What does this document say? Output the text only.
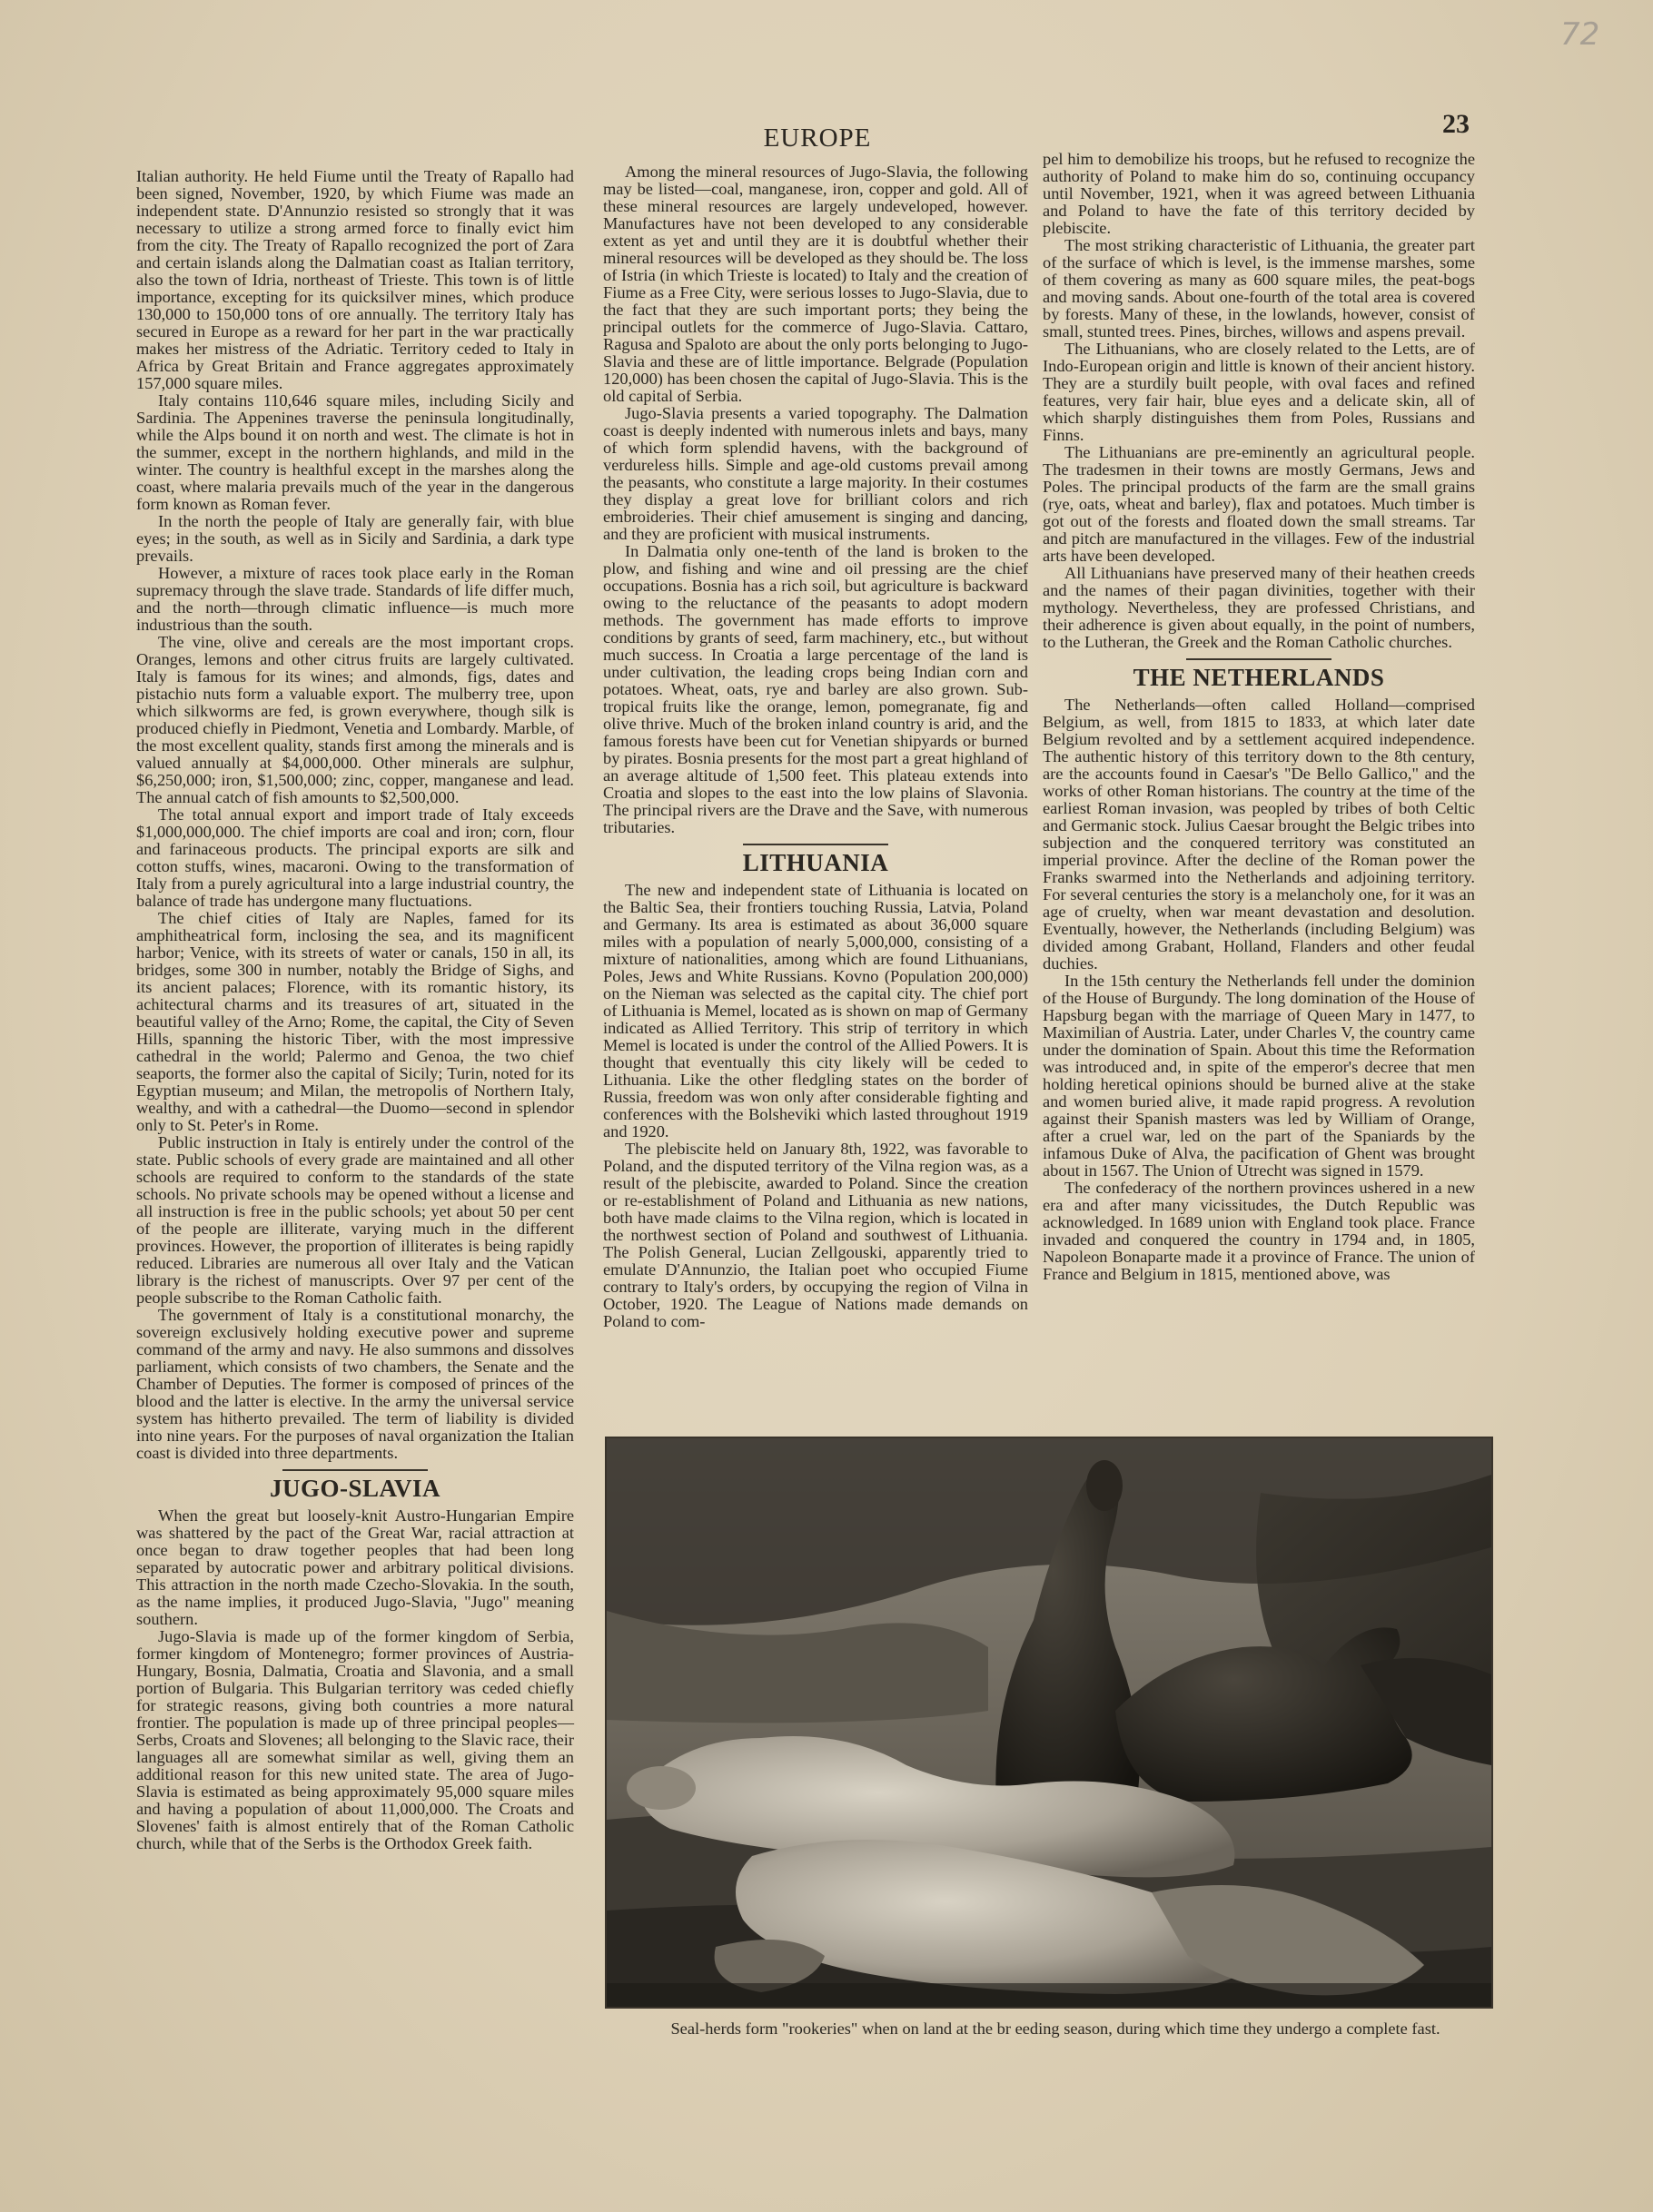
72
EUROPE	23

Italian authority. He held Fiume until the Treaty of Rapallo had been signed, November, 1920, by which Fiume was made an independent state. D'Annunzio resisted so strongly that it was necessary to utilize a strong armed force to finally evict him from the city. The Treaty of Rapallo recognized the port of Zara and certain islands along the Dalmatian coast as Italian territory, also the town of Idria, northeast of Trieste. This town is of little importance, excepting for its quicksilver mines, which produce 130,000 to 150,000 tons of ore annually. The territory Italy has secured in Europe as a reward for her part in the war practically makes her mistress of the Adriatic. Territory ceded to Italy in Africa by Great Britain and France aggregates approximately 157,000 square miles.

Italy contains 110,646 square miles, including Sicily and Sardinia. The Appenines traverse the peninsula longitudinally, while the Alps bound it on north and west. The climate is hot in the summer, except in the northern highlands, and mild in the winter. The country is healthful except in the marshes along the coast, where malaria prevails much of the year in the dangerous form known as Roman fever.

In the north the people of Italy are generally fair, with blue eyes; in the south, as well as in Sicily and Sardinia, a dark type prevails.

However, a mixture of races took place early in the Roman supremacy through the slave trade. Standards of life differ much, and the north—through climatic influence—is much more industrious than the south.

The vine, olive and cereals are the most important crops. Oranges, lemons and other citrus fruits are largely cultivated. Italy is famous for its wines; and almonds, figs, dates and pistachio nuts form a valuable export. The mulberry tree, upon which silkworms are fed, is grown everywhere, though silk is produced chiefly in Piedmont, Venetia and Lombardy. Marble, of the most excellent quality, stands first among the minerals and is valued annually at $4,000,000. Other minerals are sulphur, $6,250,000; iron, $1,500,000; zinc, copper, manganese and lead. The annual catch of fish amounts to $2,500,000.

The total annual export and import trade of Italy exceeds $1,000,000,000. The chief imports are coal and iron; corn, flour and farinaceous products. The principal exports are silk and cotton stuffs, wines, macaroni. Owing to the transformation of Italy from a purely agricultural into a large industrial country, the balance of trade has undergone many fluctuations.

The chief cities of Italy are Naples, famed for its amphitheatrical form, inclosing the sea, and its magnificent harbor; Venice, with its streets of water or canals, 150 in all, its bridges, some 300 in number, notably the Bridge of Sighs, and its ancient palaces; Florence, with its romantic history, its achitectural charms and its treasures of art, situated in the beautiful valley of the Arno; Rome, the capital, the City of Seven Hills, spanning the historic Tiber, with the most impressive cathedral in the world; Palermo and Genoa, the two chief seaports, the former also the capital of Sicily; Turin, noted for its Egyptian museum; and Milan, the metropolis of Northern Italy, wealthy, and with a cathedral—the Duomo—second in splendor only to St. Peter's in Rome.

Public instruction in Italy is entirely under the control of the state. Public schools of every grade are maintained and all other schools are required to conform to the standards of the state schools. No private schools may be opened without a license and all instruction is free in the public schools; yet about 50 per cent of the people are illiterate, varying much in the different provinces. However, the proportion of illiterates is being rapidly reduced. Libraries are numerous all over Italy and the Vatican library is the richest of manuscripts. Over 97 per cent of the people subscribe to the Roman Catholic faith.

The government of Italy is a constitutional monarchy, the sovereign exclusively holding executive power and supreme command of the army and navy. He also summons and dissolves parliament, which consists of two chambers, the Senate and the Chamber of Deputies. The former is composed of princes of the blood and the latter is elective. In the army the universal service system has hitherto prevailed. The term of liability is divided into nine years. For the purposes of naval organization the Italian coast is divided into three departments.

JUGO-SLAVIA

When the great but loosely-knit Austro-Hungarian Empire was shattered by the pact of the Great War, racial attraction at once began to draw together peoples that had been long separated by autocratic power and arbitrary political divisions. This attraction in the north made Czecho-Slovakia. In the south, as the name implies, it produced Jugo-Slavia, "Jugo" meaning southern.

Jugo-Slavia is made up of the former kingdom of Serbia, former kingdom of Montenegro; former provinces of Austria-Hungary, Bosnia, Dalmatia, Croatia and Slavonia, and a small portion of Bulgaria. This Bulgarian territory was ceded chiefly for strategic reasons, giving both countries a more natural frontier. The population is made up of three principal peoples—Serbs, Croats and Slovenes; all belonging to the Slavic race, their languages all are somewhat similar as well, giving them an additional reason for this new united state. The area of Jugo-Slavia is estimated as being approximately 95,000 square miles and having a population of about 11,000,000. The Croats and Slovenes' faith is almost entirely that of the Roman Catholic church, while that of the Serbs is the Orthodox Greek faith.

Among the mineral resources of Jugo-Slavia, the following may be listed—coal, manganese, iron, copper and gold. All of these mineral resources are largely undeveloped, however. Manufactures have not been developed to any considerable extent as yet and until they are it is doubtful whether their mineral resources will be developed as they should be. The loss of Istria (in which Trieste is located) to Italy and the creation of Fiume as a Free City, were serious losses to Jugo-Slavia, due to the fact that they are such important ports; they being the principal outlets for the commerce of Jugo-Slavia. Cattaro, Ragusa and Spaloto are about the only ports belonging to Jugo-Slavia and these are of little importance. Belgrade (Population 120,000) has been chosen the capital of Jugo-Slavia. This is the old capital of Serbia.

Jugo-Slavia presents a varied topography. The Dalmation coast is deeply indented with numerous inlets and bays, many of which form splendid havens, with the background of verdureless hills. Simple and age-old customs prevail among the peasants, who constitute a large majority. In their costumes they display a great love for brilliant colors and rich embroideries. Their chief amusement is singing and dancing, and they are proficient with musical instruments.

In Dalmatia only one-tenth of the land is broken to the plow, and fishing and wine and oil pressing are the chief occupations. Bosnia has a rich soil, but agriculture is backward owing to the reluctance of the peasants to adopt modern methods. The government has made efforts to improve conditions by grants of seed, farm machinery, etc., but without much success. In Croatia a large percentage of the land is under cultivation, the leading crops being Indian corn and potatoes. Wheat, oats, rye and barley are also grown. Sub-tropical fruits like the orange, lemon, pomegranate, fig and olive thrive. Much of the broken inland country is arid, and the famous forests have been cut for Venetian shipyards or burned by pirates. Bosnia presents for the most part a great highland of an average altitude of 1,500 feet. This plateau extends into Croatia and slopes to the east into the low plains of Slavonia. The principal rivers are the Drave and the Save, with numerous tributaries.

LITHUANIA

The new and independent state of Lithuania is located on the Baltic Sea, their frontiers touching Russia, Latvia, Poland and Germany. Its area is estimated as about 36,000 square miles with a population of nearly 5,000,000, consisting of a mixture of nationalities, among which are found Lithuanians, Poles, Jews and White Russians. Kovno (Population 200,000) on the Nieman was selected as the capital city. The chief port of Lithuania is Memel, located as is shown on map of Germany indicated as Allied Territory. This strip of territory in which Memel is located is under the control of the Allied Powers. It is thought that eventually this city likely will be ceded to Lithuania. Like the other fledgling states on the border of Russia, freedom was won only after considerable fighting and conferences with the Bolsheviki which lasted throughout 1919 and 1920.

The plebiscite held on January 8th, 1922, was favorable to Poland, and the disputed territory of the Vilna region was, as a result of the plebiscite, awarded to Poland. Since the creation or re-establishment of Poland and Lithuania as new nations, both have made claims to the Vilna region, which is located in the northwest section of Poland and southwest of Lithuania. The Polish General, Lucian Zellgouski, apparently tried to emulate D'Annunzio, the Italian poet who occupied Fiume contrary to Italy's orders, by occupying the region of Vilna in October, 1920. The League of Nations made demands on Poland to com-

pel him to demobilize his troops, but he refused to recognize the authority of Poland to make him do so, continuing occupancy until November, 1921, when it was agreed between Lithuania and Poland to have the fate of this territory decided by plebiscite.

The most striking characteristic of Lithuania, the greater part of the surface of which is level, is the immense marshes, some of them covering as many as 600 square miles, the peat-bogs and moving sands. About one-fourth of the total area is covered by forests. Many of these, in the lowlands, however, consist of small, stunted trees. Pines, birches, willows and aspens prevail.

The Lithuanians, who are closely related to the Letts, are of Indo-European origin and little is known of their ancient history. They are a sturdily built people, with oval faces and refined features, very fair hair, blue eyes and a delicate skin, all of which sharply distinguishes them from Poles, Russians and Finns.

The Lithuanians are pre-eminently an agricultural people. The tradesmen in their towns are mostly Germans, Jews and Poles. The principal products of the farm are the small grains (rye, oats, wheat and barley), flax and potatoes. Much timber is got out of the forests and floated down the small streams. Tar and pitch are manufactured in the villages. Few of the industrial arts have been developed.

All Lithuanians have preserved many of their heathen creeds and the names of their pagan divinities, together with their mythology. Nevertheless, they are professed Christians, and their adherence is given about equally, in the point of numbers, to the Lutheran, the Greek and the Roman Catholic churches.

THE NETHERLANDS

The Netherlands—often called Holland—comprised Belgium, as well, from 1815 to 1833, at which later date Belgium revolted and by a settlement acquired independence. The authentic history of this territory down to the 8th century, are the accounts found in Caesar's "De Bello Gallico," and the works of other Roman historians. The country at the time of the earliest Roman invasion, was peopled by tribes of both Celtic and Germanic stock. Julius Caesar brought the Belgic tribes into subjection and the conquered territory was constituted an imperial province. After the decline of the Roman power the Franks swarmed into the Netherlands and adjoining territory. For several centuries the story is a melancholy one, for it was an age of cruelty, when war meant devastation and desolution. Eventually, however, the Netherlands (including Belgium) was divided among Grabant, Holland, Flanders and other feudal duchies.

In the 15th century the Netherlands fell under the dominion of the House of Burgundy. The long domination of the House of Hapsburg began with the marriage of Queen Mary in 1477, to Maximilian of Austria. Later, under Charles V, the country came under the domination of Spain. About this time the Reformation was introduced and, in spite of the emperor's decree that men holding heretical opinions should be burned alive at the stake and women buried alive, it made rapid progress. A revolution against their Spanish masters was led by William of Orange, after a cruel war, led on the part of the Spaniards by the infamous Duke of Alva, the pacification of Ghent was brought about in 1567. The Union of Utrecht was signed in 1579.

The confederacy of the northern provinces ushered in a new era and after many vicissitudes, the Dutch Republic was acknowledged. In 1689 union with England took place. France invaded and conquered the country in 1794 and, in 1805, Napoleon Bonaparte made it a province of France. The union of France and Belgium in 1815, mentioned above, was

Seal-herds form "rookeries" when on land at the br eeding season, during which time they undergo a complete fast.
